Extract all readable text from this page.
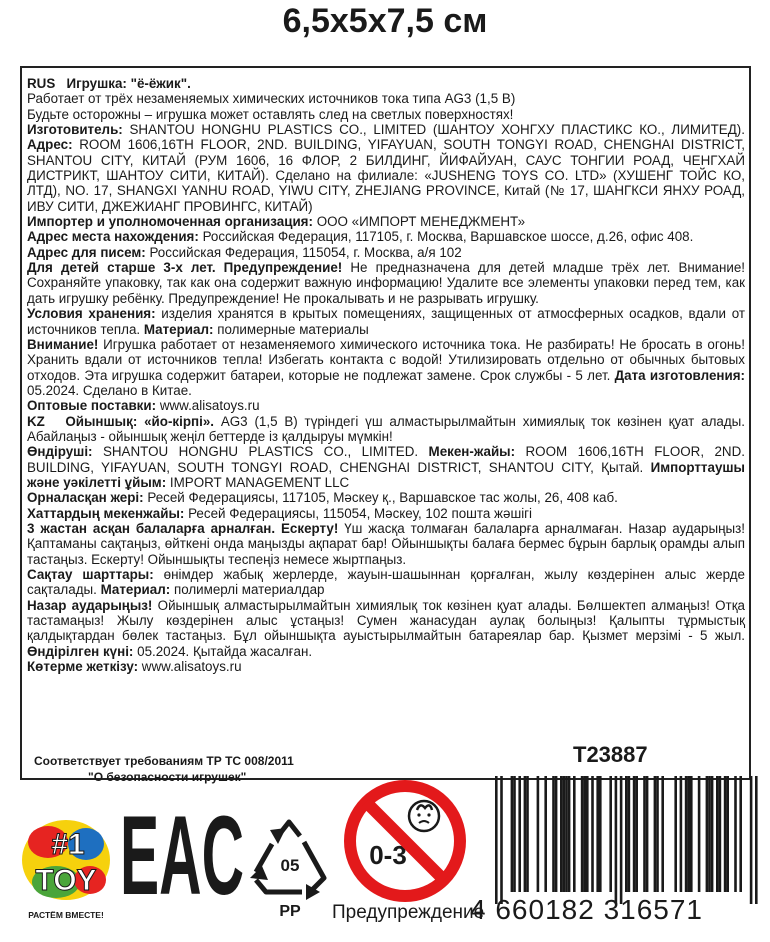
6,5x5x7,5 см

RUS Игрушка: "ё-ёжик".

Работает от трёх незаменяемых химических источников тока типа AG3 (1,5 В)

Будьте осторожны – игрушка может оставлять след на светлых поверхностях!

Изготовитель: SHANTOU HONGHU PLASTICS CO., LIMITED (ШАНТОУ ХОНГХУ ПЛАСТИКС КО., ЛИМИТЕД). Адрес: ROOM 1606,16TH FLOOR, 2ND. BUILDING, YIFAYUAN, SOUTH TONGYI ROAD, CHENGHAI DISTRICT, SHANTOU CITY, КИТАЙ (РУМ 1606, 16 ФЛОР, 2 БИЛДИНГ, ЙИФАЙУАН, САУС ТОНГИИ РОАД, ЧЕНГХАЙ ДИСТРИКТ, ШАНТОУ СИТИ, КИТАЙ). Сделано на филиале: «JUSHENG TOYS CO. LTD» (ХУШЕНГ ТОЙС КО, ЛТД), NO. 17, SHANGXI YANHU ROAD, YIWU CITY, ZHEJIANG PROVINCE, Китай (№ 17, ШАНГКСИ ЯНХУ РОАД, ИВУ СИТИ, ДЖЕЖИАНГ ПРОВИНГС, КИТАЙ)

Импортер и уполномоченная организация: ООО «ИМПОРТ МЕНЕДЖМЕНТ»

Адрес места нахождения: Российская Федерация, 117105, г. Москва, Варшавское шоссе, д.26, офис 408.

Адрес для писем: Российская Федерация, 115054, г. Москва, а/я 102

Для детей старше 3-х лет. Предупреждение! Не предназначена для детей младше трёх лет. Внимание! Сохраняйте упаковку, так как она содержит важную информацию! Удалите все элементы упаковки перед тем, как дать игрушку ребёнку. Предупреждение! Не прокалывать и не разрывать игрушку.

Условия хранения: изделия хранятся в крытых помещениях, защищенных от атмосферных осадков, вдали от источников тепла. Материал: полимерные материалы

Внимание! Игрушка работает от незаменяемого химического источника тока. Не разбирать! Не бросать в огонь! Хранить вдали от источников тепла! Избегать контакта с водой! Утилизировать отдельно от обычных бытовых отходов. Эта игрушка содержит батареи, которые не подлежат замене. Срок службы - 5 лет. Дата изготовления: 05.2024. Сделано в Китае.

Оптовые поставки: www.alisatoys.ru

KZ Ойыншық: «йо-кірпі». AG3 (1,5 В) түріндегі үш алмастырылмайтын химиялық ток көзінен қуат алады. Абайлаңыз - ойыншық жеңіл беттерде із қалдыруы мүмкін!

Өндіруші: SHANTOU HONGHU PLASTICS CO., LIMITED. Мекен-жайы: ROOM 1606,16TH FLOOR, 2ND. BUILDING, YIFAYUAN, SOUTH TONGYI ROAD, CHENGHAI DISTRICT, SHANTOU CITY, Қытай. Импорттаушы және уәкілетті ұйым: IMPORT MANAGEMENT LLC

Орналасқан жері: Ресей Федерациясы, 117105, Мәскеу қ., Варшавское тас жолы, 26, 408 каб.

Хаттардың мекенжайы: Ресей Федерациясы, 115054, Мәскеу, 102 пошта жәшігі

3 жастан асқан балаларға арналған. Ескерту! Үш жасқа толмаған балаларға арналмаған. Назар аударыңыз! Қаптаманы сақтаңыз, өйткені онда маңызды ақпарат бар! Ойыншықты балаға бермес бұрын барлық орамды алып тастаңыз. Ескерту! Ойыншықты теспеңіз немесе жыртпаңыз.

Сақтау шарттары: өнімдер жабық жерлерде, жауын-шашыннан қорғалған, жылу көздерінен алыс жерде сақталады. Материал: полимерлі материалдар

Назар аударыңыз! Ойыншық алмастырылмайтын химиялық ток көзінен қуат алады. Бөлшектеп алмаңыз! Отқа тастамаңыз! Жылу көздерінен алыс ұстаңыз! Сумен жанасудан аулақ болыңыз! Қалыпты тұрмыстық қалдықтардан бөлек тастаңыз. Бұл ойыншықта ауыстырылмайтын батареялар бар. Қызмет мерзімі - 5 жыл. Өндірілген күні: 05.2024. Қытайда жасалған.

Көтерме жеткізу: www.alisatoys.ru

Соответствует требованиям ТР ТС 008/2011
"О безопасности игрушек"
T23887
#1
TOY
РАСТЁМ ВМЕСТЕ! EAC 05
PP
0-3
Предупреждение
4 660182 316571
